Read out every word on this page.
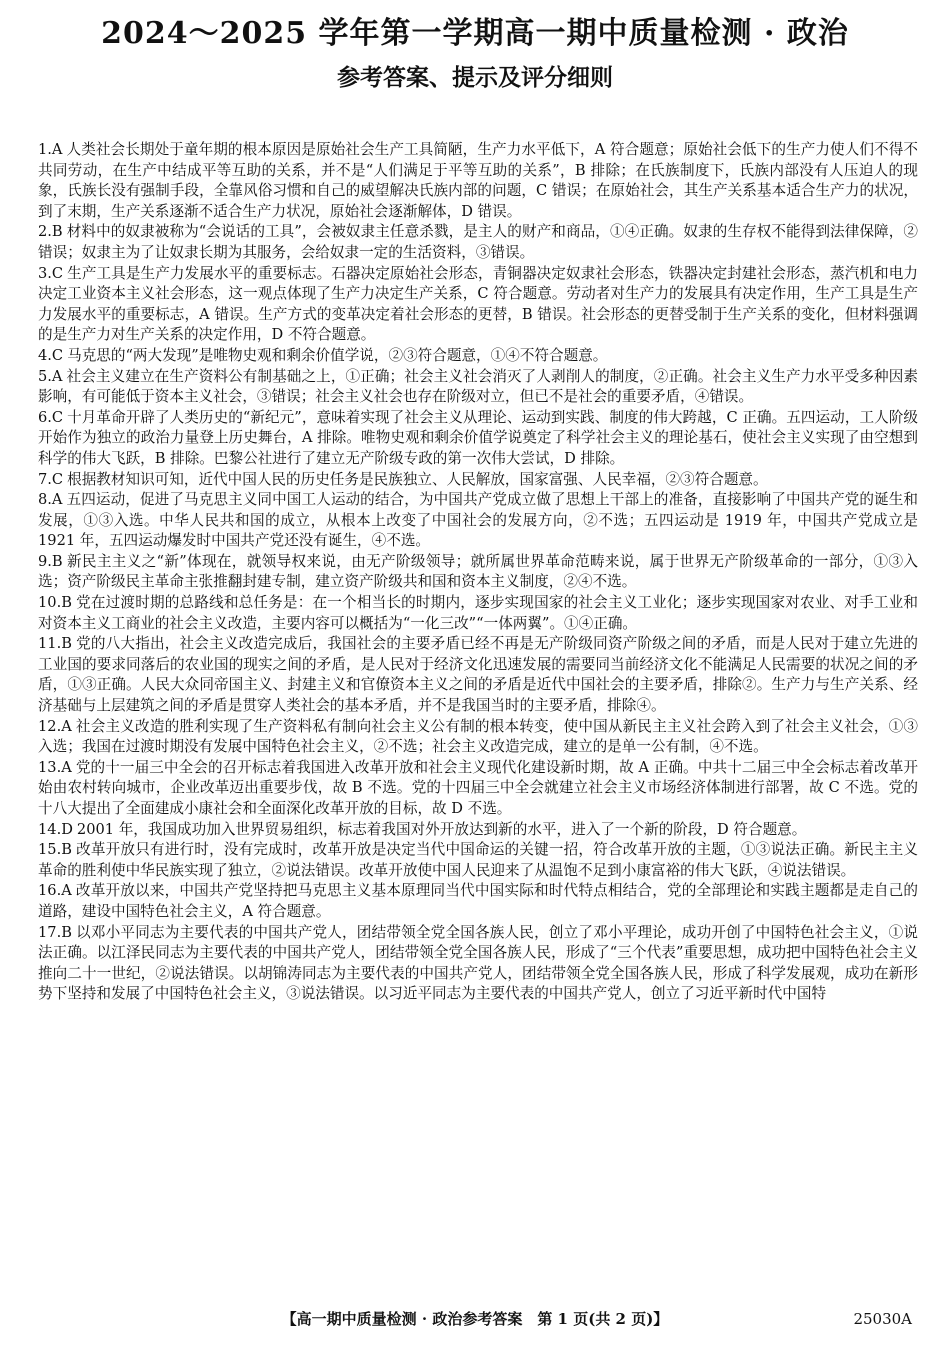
2024～2025 学年第一学期高一期中质量检测 · 政治
参考答案、提示及评分细则

1.A 人类社会长期处于童年期的根本原因是原始社会生产工具简陋，生产力水平低下，A 符合题意；原始社会低下的生产力使人们不得不共同劳动，在生产中结成平等互助的关系，并不是“人们满足于平等互助的关系”，B 排除；在氏族制度下，氏族内部没有人压迫人的现象，氏族长没有强制手段，全靠风俗习惯和自己的威望解决氏族内部的问题，C 错误；在原始社会，其生产关系基本适合生产力的状况，到了末期，生产关系逐渐不适合生产力状况，原始社会逐渐解体，D 错误。

2.B 材料中的奴隶被称为“会说话的工具”，会被奴隶主任意杀戮，是主人的财产和商品，①④正确。奴隶的生存权不能得到法律保障，②错误；奴隶主为了让奴隶长期为其服务，会给奴隶一定的生活资料，③错误。

3.C 生产工具是生产力发展水平的重要标志。石器决定原始社会形态，青铜器决定奴隶社会形态，铁器决定封建社会形态，蒸汽机和电力决定工业资本主义社会形态，这一观点体现了生产力决定生产关系，C 符合题意。劳动者对生产力的发展具有决定作用，生产工具是生产力发展水平的重要标志，A 错误。生产方式的变革决定着社会形态的更替，B 错误。社会形态的更替受制于生产关系的变化，但材料强调的是生产力对生产关系的决定作用，D 不符合题意。

4.C 马克思的“两大发现”是唯物史观和剩余价值学说，②③符合题意，①④不符合题意。

5.A 社会主义建立在生产资料公有制基础之上，①正确；社会主义社会消灭了人剥削人的制度，②正确。社会主义生产力水平受多种因素影响，有可能低于资本主义社会，③错误；社会主义社会也存在阶级对立，但已不是社会的重要矛盾，④错误。

6.C 十月革命开辟了人类历史的“新纪元”，意味着实现了社会主义从理论、运动到实践、制度的伟大跨越，C 正确。五四运动，工人阶级开始作为独立的政治力量登上历史舞台，A 排除。唯物史观和剩余价值学说奠定了科学社会主义的理论基石，使社会主义实现了由空想到科学的伟大飞跃，B 排除。巴黎公社进行了建立无产阶级专政的第一次伟大尝试，D 排除。

7.C 根据教材知识可知，近代中国人民的历史任务是民族独立、人民解放，国家富强、人民幸福，②③符合题意。

8.A 五四运动，促进了马克思主义同中国工人运动的结合，为中国共产党成立做了思想上干部上的准备，直接影响了中国共产党的诞生和发展，①③入选。中华人民共和国的成立，从根本上改变了中国社会的发展方向，②不选；五四运动是 1919 年，中国共产党成立是 1921 年，五四运动爆发时中国共产党还没有诞生，④不选。

9.B 新民主主义之“新”体现在，就领导权来说，由无产阶级领导；就所属世界革命范畴来说，属于世界无产阶级革命的一部分，①③入选；资产阶级民主革命主张推翻封建专制，建立资产阶级共和国和资本主义制度，②④不选。

10.B 党在过渡时期的总路线和总任务是：在一个相当长的时期内，逐步实现国家的社会主义工业化；逐步实现国家对农业、对手工业和对资本主义工商业的社会主义改造，主要内容可以概括为“一化三改”“一体两翼”。①④正确。

11.B 党的八大指出，社会主义改造完成后，我国社会的主要矛盾已经不再是无产阶级同资产阶级之间的矛盾，而是人民对于建立先进的工业国的要求同落后的农业国的现实之间的矛盾，是人民对于经济文化迅速发展的需要同当前经济文化不能满足人民需要的状况之间的矛盾，①③正确。人民大众同帝国主义、封建主义和官僚资本主义之间的矛盾是近代中国社会的主要矛盾，排除②。生产力与生产关系、经济基础与上层建筑之间的矛盾是贯穿人类社会的基本矛盾，并不是我国当时的主要矛盾，排除④。

12.A 社会主义改造的胜利实现了生产资料私有制向社会主义公有制的根本转变，使中国从新民主主义社会跨入到了社会主义社会，①③入选；我国在过渡时期没有发展中国特色社会主义，②不选；社会主义改造完成，建立的是单一公有制，④不选。

13.A 党的十一届三中全会的召开标志着我国进入改革开放和社会主义现代化建设新时期，故 A 正确。中共十二届三中全会标志着改革开始由农村转向城市，企业改革迈出重要步伐，故 B 不选。党的十四届三中全会就建立社会主义市场经济体制进行部署，故 C 不选。党的十八大提出了全面建成小康社会和全面深化改革开放的目标，故 D 不选。

14.D 2001 年，我国成功加入世界贸易组织，标志着我国对外开放达到新的水平，进入了一个新的阶段，D 符合题意。

15.B 改革开放只有进行时，没有完成时，改革开放是决定当代中国命运的关键一招，符合改革开放的主题，①③说法正确。新民主主义革命的胜利使中华民族实现了独立，②说法错误。改革开放使中国人民迎来了从温饱不足到小康富裕的伟大飞跃，④说法错误。

16.A 改革开放以来，中国共产党坚持把马克思主义基本原理同当代中国实际和时代特点相结合，党的全部理论和实践主题都是走自己的道路，建设中国特色社会主义，A 符合题意。

17.B 以邓小平同志为主要代表的中国共产党人，团结带领全党全国各族人民，创立了邓小平理论，成功开创了中国特色社会主义，①说法正确。以江泽民同志为主要代表的中国共产党人，团结带领全党全国各族人民，形成了“三个代表”重要思想，成功把中国特色社会主义推向二十一世纪，②说法错误。以胡锦涛同志为主要代表的中国共产党人，团结带领全党全国各族人民，形成了科学发展观，成功在新形势下坚持和发展了中国特色社会主义，③说法错误。以习近平同志为主要代表的中国共产党人，创立了习近平新时代中国特

【高一期中质量检测 · 政治参考答案　第 1 页(共 2 页)】	25030A
